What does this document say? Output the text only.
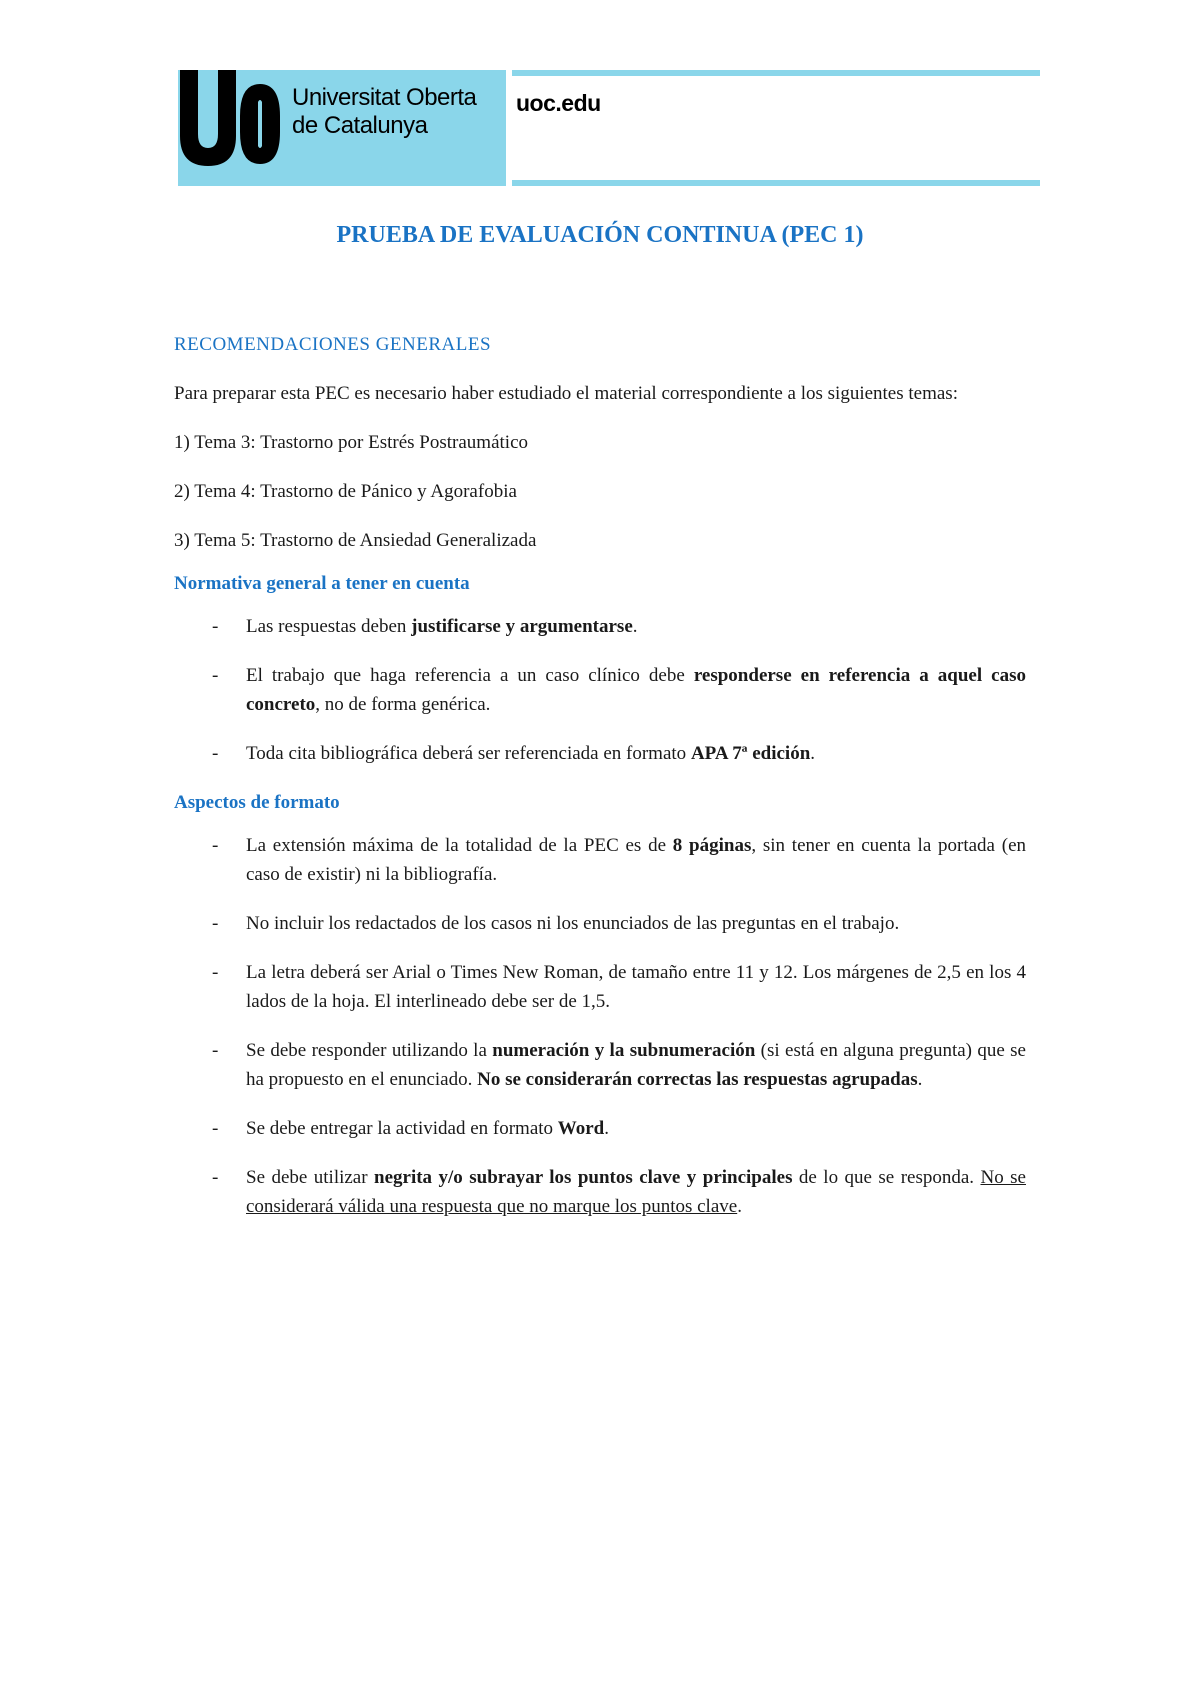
Universitat Oberta
de Catalunya
uoc.edu
PRUEBA DE EVALUACIÓN CONTINUA (PEC 1)
RECOMENDACIONES GENERALES

Para preparar esta PEC es necesario haber estudiado el material correspondiente a los siguientes temas:

1) Tema 3: Trastorno por Estrés Postraumático

2) Tema 4: Trastorno de Pánico y Agorafobia

3) Tema 5: Trastorno de Ansiedad Generalizada

Normativa general a tener en cuenta
- Las respuestas deben justificarse y argumentarse.
- El trabajo que haga referencia a un caso clínico debe responderse en referencia a aquel caso concreto, no de forma genérica.
- Toda cita bibliográfica deberá ser referenciada en formato APA 7ª edición.
Aspectos de formato
- La extensión máxima de la totalidad de la PEC es de 8 páginas, sin tener en cuenta la portada (en caso de existir) ni la bibliografía.
- No incluir los redactados de los casos ni los enunciados de las preguntas en el trabajo.
- La letra deberá ser Arial o Times New Roman, de tamaño entre 11 y 12. Los márgenes de 2,5 en los 4 lados de la hoja. El interlineado debe ser de 1,5.
- Se debe responder utilizando la numeración y la subnumeración (si está en alguna pregunta) que se ha propuesto en el enunciado. No se considerarán correctas las respuestas agrupadas.
- Se debe entregar la actividad en formato Word.
- Se debe utilizar negrita y/o subrayar los puntos clave y principales de lo que se responda. No se considerará válida una respuesta que no marque los puntos clave.
